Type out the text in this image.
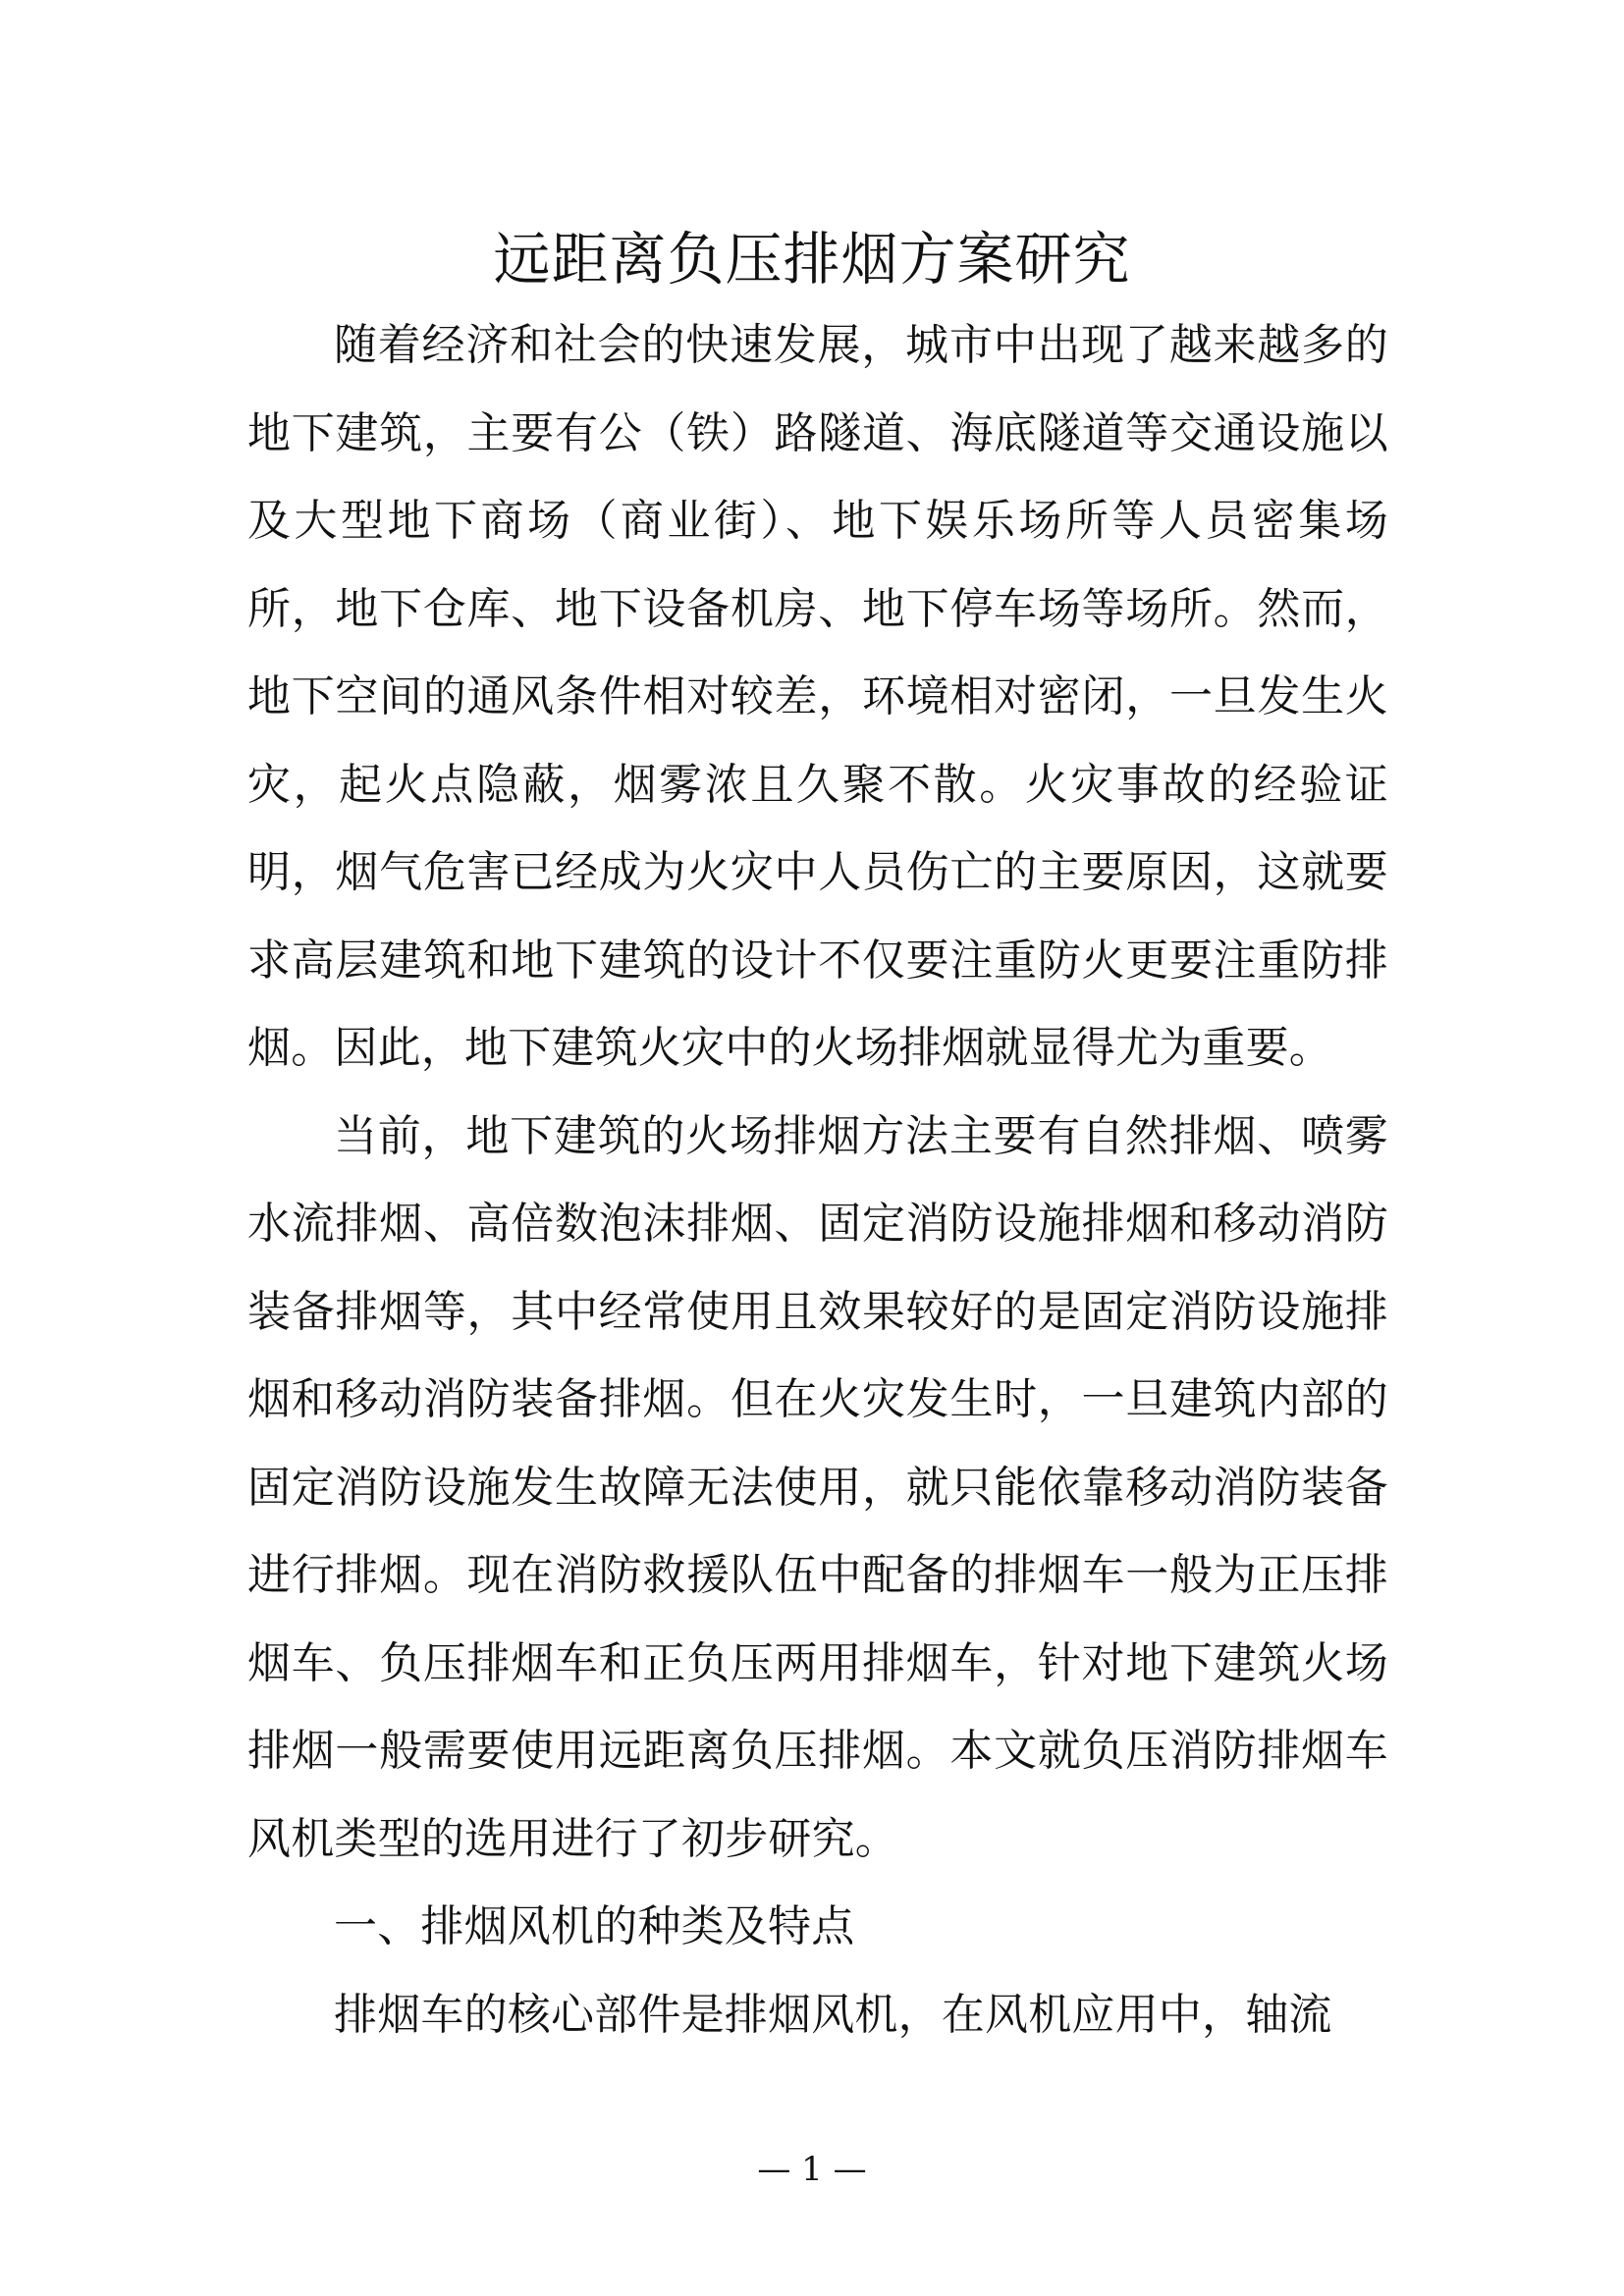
远距离负压排烟方案研究

随着经济和社会的快速发展，城市中出现了越来越多的地下建筑，主要有公（铁）路隧道、海底隧道等交通设施以及大型地下商场（商业街）、地下娱乐场所等人员密集场所，地下仓库、地下设备机房、地下停车场等场所。然而，地下空间的通风条件相对较差，环境相对密闭，一旦发生火灾，起火点隐蔽，烟雾浓且久聚不散。火灾事故的经验证明，烟气危害已经成为火灾中人员伤亡的主要原因，这就要求高层建筑和地下建筑的设计不仅要注重防火更要注重防排烟。因此，地下建筑火灾中的火场排烟就显得尤为重要。

当前，地下建筑的火场排烟方法主要有自然排烟、喷雾水流排烟、高倍数泡沫排烟、固定消防设施排烟和移动消防装备排烟等，其中经常使用且效果较好的是固定消防设施排烟和移动消防装备排烟。但在火灾发生时，一旦建筑内部的固定消防设施发生故障无法使用，就只能依靠移动消防装备进行排烟。现在消防救援队伍中配备的排烟车一般为正压排烟车、负压排烟车和正负压两用排烟车，针对地下建筑火场排烟一般需要使用远距离负压排烟。本文就负压消防排烟车风机类型的选用进行了初步研究。

一、排烟风机的种类及特点

排烟车的核心部件是排烟风机，在风机应用中，轴流

— 1 —
